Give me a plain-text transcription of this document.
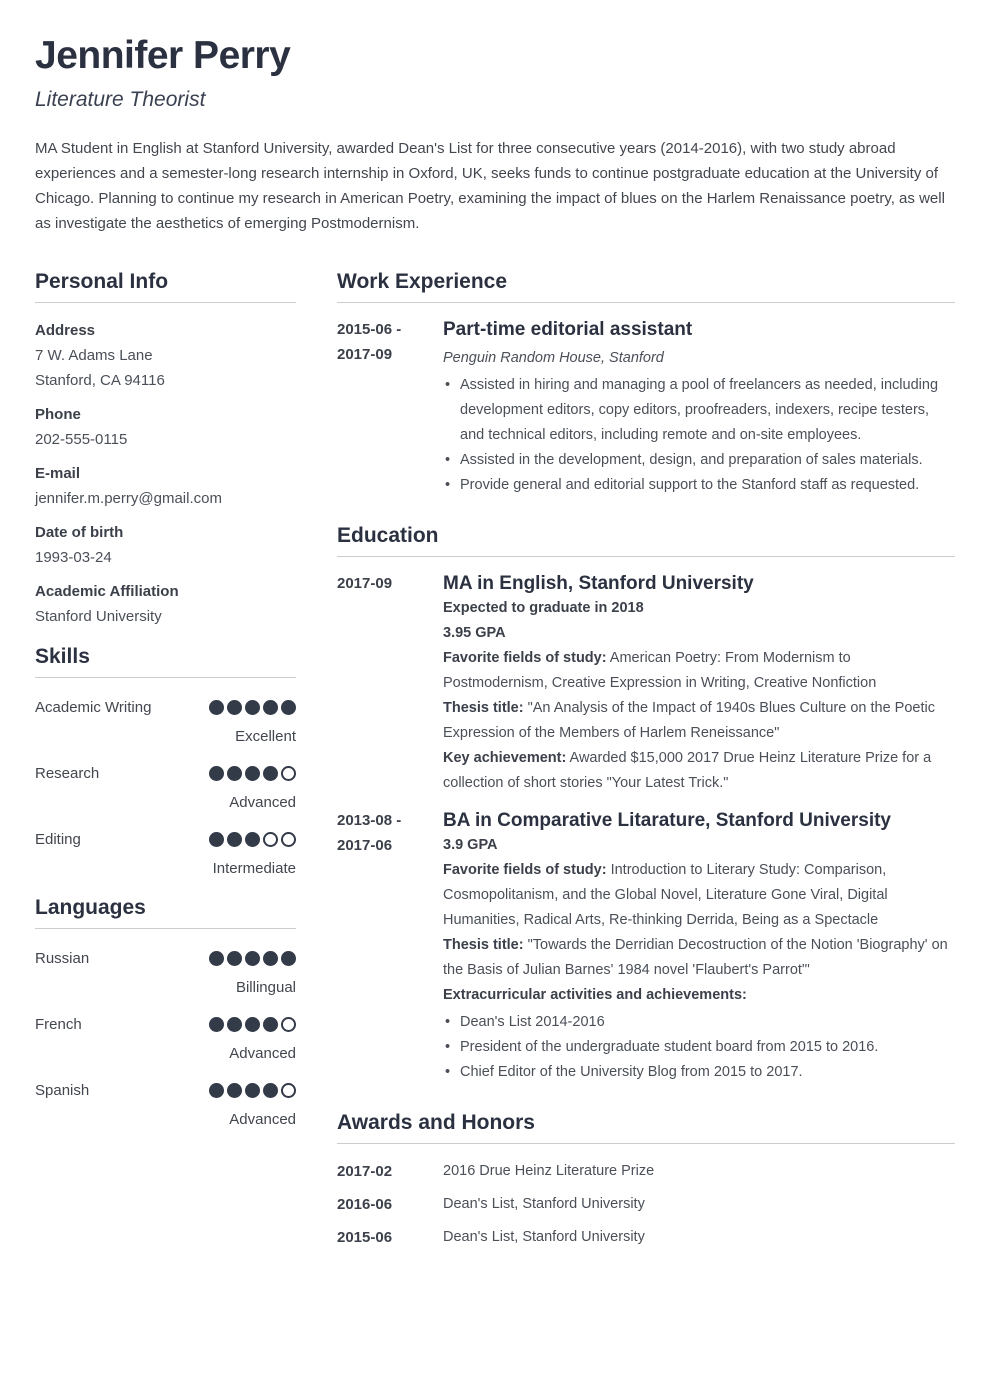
Jennifer Perry
Literature Theorist

MA Student in English at Stanford University, awarded Dean's List for three consecutive years (2014-2016), with two study abroad experiences and a semester-long research internship in Oxford, UK, seeks funds to continue postgraduate education at the University of Chicago. Planning to continue my research in American Poetry, examining the impact of blues on the Harlem Renaissance poetry, as well as investigate the aesthetics of emerging Postmodernism.

Personal Info
Address
7 W. Adams Lane
Stanford, CA 94116
Phone
202-555-0115
E-mail
jennifer.m.perry@gmail.com
Date of birth
1993-03-24
Academic Affiliation
Stanford University
Skills
Academic Writing
Excellent
Research
Advanced
Editing
Intermediate
Languages
Russian
Billingual
French
Advanced
Spanish
Advanced
Work Experience
2015-06 -
2017-09
Part-time editorial assistant
Penguin Random House, Stanford
• Assisted in hiring and managing a pool of freelancers as needed, including development editors, copy editors, proofreaders, indexers, recipe testers, and technical editors, including remote and on-site employees.
• Assisted in the development, design, and preparation of sales materials.
• Provide general and editorial support to the Stanford staff as requested.
Education
2017-09	MA in English, Stanford University
Expected to graduate in 2018
3.95 GPA

Favorite fields of study: American Poetry: From Modernism to Postmodernism, Creative Expression in Writing, Creative Nonfiction

Thesis title: "An Analysis of the Impact of 1940s Blues Culture on the Poetic Expression of the Members of Harlem Reneissance"

Key achievement: Awarded $15,000 2017 Drue Heinz Literature Prize for a collection of short stories "Your Latest Trick."

2013-08 -
2017-06
BA in Comparative Litarature, Stanford University
3.9 GPA

Favorite fields of study: Introduction to Literary Study: Comparison, Cosmopolitanism, and the Global Novel, Literature Gone Viral, Digital Humanities, Radical Arts, Re-thinking Derrida, Being as a Spectacle

Thesis title: "Towards the Derridian Decostruction of the Notion 'Biography' on the Basis of Julian Barnes' 1984 novel 'Flaubert's Parrot'"

Extracurricular activities and achievements:
• Dean's List 2014-2016
• President of the undergraduate student board from 2015 to 2016.
• Chief Editor of the University Blog from 2015 to 2017.
Awards and Honors
2017-02	2016 Drue Heinz Literature Prize
2016-06	Dean's List, Stanford University
2015-06	Dean's List, Stanford University
